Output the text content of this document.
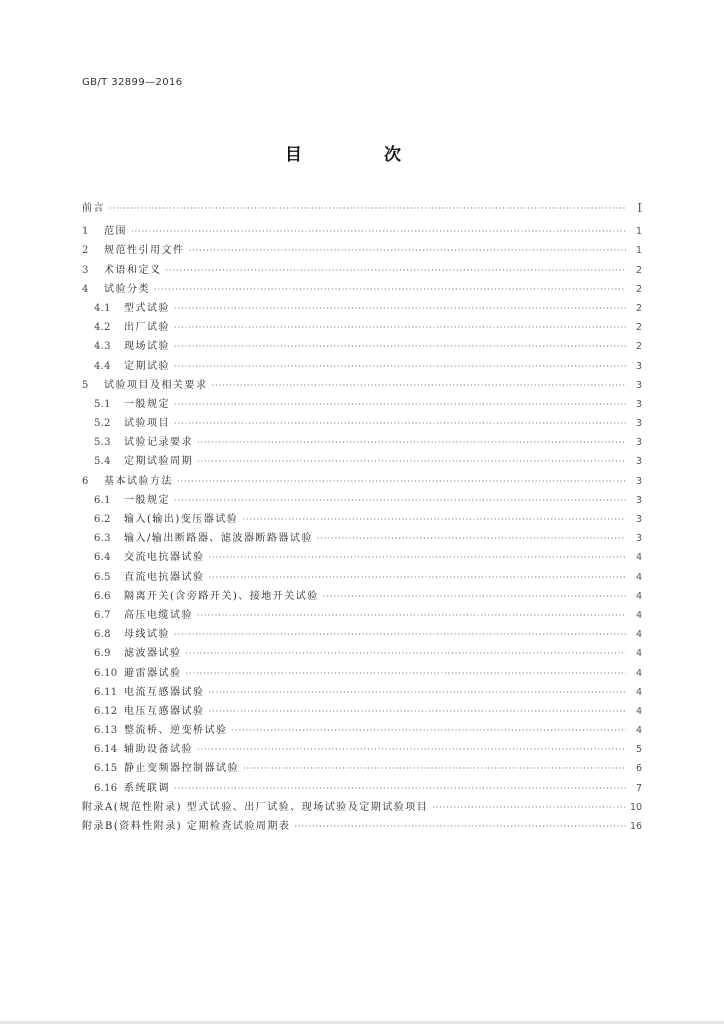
GB/T 32899—2016
目 次
前言 ·····	Ⅰ
1	范围 ·····	1
2	规范性引用文件 ·····	1
3	术语和定义 ·····	2
4	试验分类 ·····	2
4.1	型式试验 ·····	2
4.2	出厂试验 ·····	2
4.3	现场试验 ·····	2
4.4	定期试验 ·····	3
5	试验项目及相关要求 ·····	3
5.1	一般规定 ·····	3
5.2	试验项目 ·····	3
5.3	试验记录要求 ·····	3
5.4	定期试验周期 ·····	3
6	基本试验方法 ·····	3
6.1	一般规定 ·····	3
6.2	输入(输出)变压器试验 ·····	3
6.3	输入/输出断路器、滤波器断路器试验 ·····	3
6.4	交流电抗器试验 ·····	4
6.5	直流电抗器试验 ·····	4
6.6	隔离开关(含旁路开关)、接地开关试验 ·····	4
6.7	高压电缆试验 ·····	4
6.8	母线试验 ·····	4
6.9	滤波器试验 ·····	4
6.10 避雷器试验 ·····	4
6.11 电流互感器试验 ·····	4
6.12 电压互感器试验 ·····	4
6.13 整流桥、逆变桥试验 ·····	4
6.14 辅助设备试验 ·····	5
6.15 静止变频器控制器试验 ·····	6
6.16 系统联调 ·····	7
附录A(规范性附录) 型式试验、出厂试验、现场试验及定期试验项目 ·····	10
附录B(资料性附录) 定期检查试验周期表 ·····	16
